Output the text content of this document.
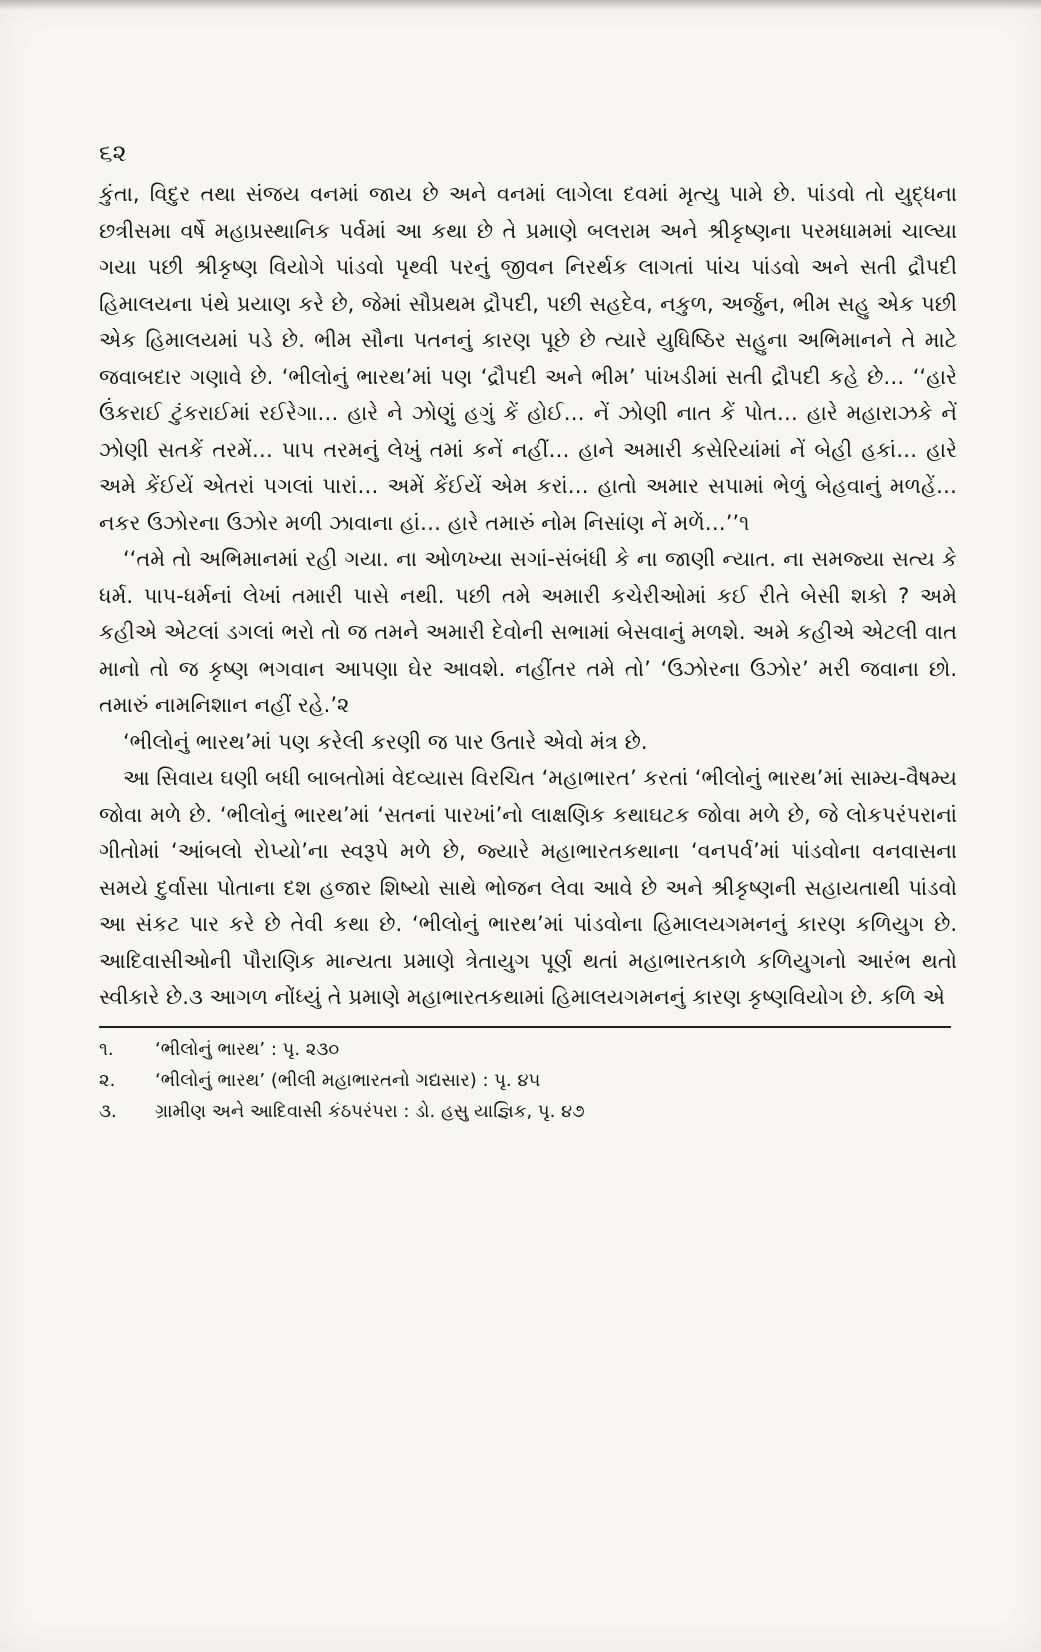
૬૨

કુંતા, વિદુર તથા સંજય વનમાં જાય છે અને વનમાં લાગેલા દવમાં મૃત્યુ પામે છે. પાંડવો તો યુદ્ધના છત્રીસમા વર્ષે મહાપ્રસ્થાનિક પર્વમાં આ કથા છે તે પ્રમાણે બલરામ અને શ્રીકૃષ્ણના પરમધામમાં ચાલ્યા ગયા પછી શ્રીકૃષ્ણ વિયોગે પાંડવો પૃથ્વી પરનું જીવન નિરર્થક લાગતાં પાંચ પાંડવો અને સતી દ્રૌપદી હિમાલયના પંથે પ્રયાણ કરે છે, જેમાં સૌપ્રથમ દ્રૌપદી, પછી સહદેવ, નકુળ, અર્જુન, ભીમ સહુ એક પછી એક હિમાલયમાં પડે છે. ભીમ સૌના પતનનું કારણ પૂછે છે ત્યારે યુધિષ્ઠિર સહુના અભિમાનને તે માટે જવાબદાર ગણાવે છે. ‘ભીલોનું ભારથ’માં પણ ‘દ્રૌપદી અને ભીમ’ પાંખડીમાં સતી દ્રૌપદી કહે છે… ‘‘હારે ઉંકરાઈ ટુંકરાઈમાં રઈરેગા… હારે ને ઝોણું હગું કેં હોઈ… નેં ઝોણી નાત કેં પોત… હારે મહારાઝકે નેં ઝોણી સતકેં તરમેં… પાપ તરમનું લેખું તમાં કનેં નહીં… હાને અમારી કસેરિયાંમાં નેં બેહી હકાં… હારે અમે કેંઈયેં એતરાં પગલાં પારાં… અમેં કેંઈયેં એમ કરાં… હાતો અમાર સપામાં ભેળું બેહવાનું મળહેં… નકર ઉઝોરના ઉઝોર મળી ઝાવાના હાં… હારે તમારું નોમ નિસાંણ નેં મળેં…’’૧

‘‘તમે તો અભિમાનમાં રહી ગયા. ના ઓળખ્યા સગાં-સંબંધી કે ના જાણી ન્યાત. ના સમજ્યા સત્ય કે ધર્મ. પાપ-ધર્મનાં લેખાં તમારી પાસે નથી. પછી તમે અમારી કચેરીઓમાં કઈ રીતે બેસી શકો ? અમે કહીએ એટલાં ડગલાં ભરો તો જ તમને અમારી દેવોની સભામાં બેસવાનું મળશે. અમે કહીએ એટલી વાત માનો તો જ કૃષ્ણ ભગવાન આપણા ઘેર આવશે. નહીંતર તમે તો’ ‘ઉઝોરના ઉઝોર’ મરી જવાના છો. તમારું નામનિશાન નહીં રહે.’૨

‘ભીલોનું ભારથ’માં પણ કરેલી કરણી જ પાર ઉતારે એવો મંત્ર છે.

આ સિવાય ઘણી બધી બાબતોમાં વેદવ્યાસ વિરચિત ‘મહાભારત’ કરતાં ‘ભીલોનું ભારથ’માં સામ્ય-વૈષમ્ય જોવા મળે છે. ‘ભીલોનું ભારથ’માં ‘સતનાં પારખાં’નો લાક્ષણિક કથાઘટક જોવા મળે છે, જે લોકપરંપરાનાં ગીતોમાં ‘આંબલો રોપ્યો’ના સ્વરૂપે મળે છે, જ્યારે મહાભારતકથાના ‘વનપર્વ’માં પાંડવોના વનવાસના સમયે દુર્વાસા પોતાના દશ હજાર શિષ્યો સાથે ભોજન લેવા આવે છે અને શ્રીકૃષ્ણની સહાયતાથી પાંડવો આ સંકટ પાર કરે છે તેવી કથા છે. ‘ભીલોનું ભારથ’માં પાંડવોના હિમાલયગમનનું કારણ કળિયુગ છે. આદિવાસીઓની પૌરાણિક માન્યતા પ્રમાણે ત્રેતાયુગ પૂર્ણ થતાં મહાભારતકાળે કળિયુગનો આરંભ થતો સ્વીકારે છે.૩ આગળ નોંધ્યું તે પ્રમાણે મહાભારતકથામાં હિમાલયગમનનું કારણ કૃષ્ણવિયોગ છે. કળિ એ

૧.	‘ભીલોનું ભારથ’ : પૃ. ૨૩૦
૨.	‘ભીલોનું ભારથ’ (ભીલી મહાભારતનો ગદ્યસાર) : પૃ. ૪૫
૩.	ગ્રામીણ અને આદિવાસી કંઠપરંપરા : ડો. હસુ યાજ્ઞિક, પૃ. ૪૭
